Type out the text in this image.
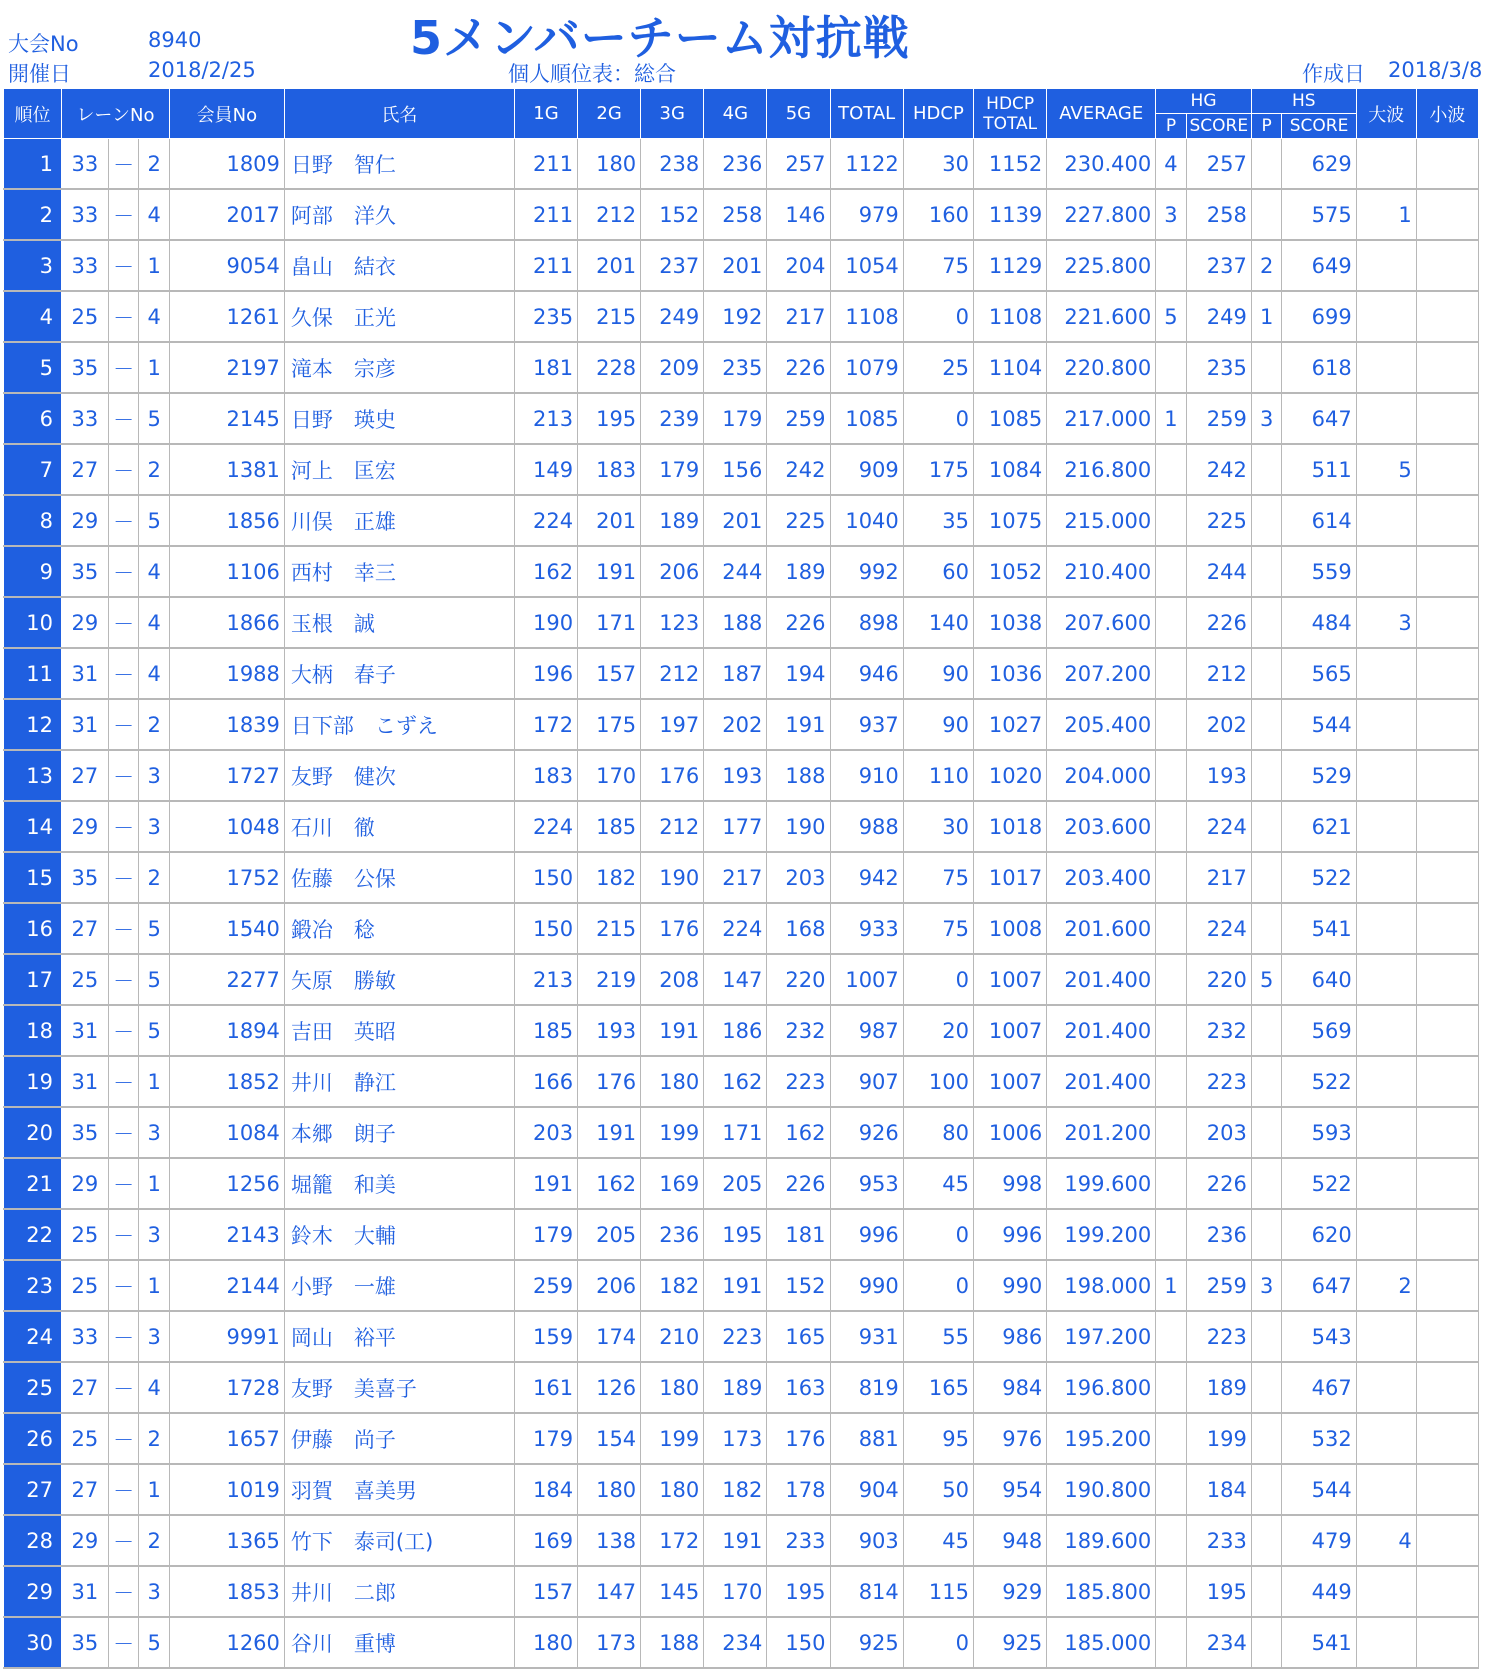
大会No	8940
開催日	2018/2/25
5メンバーチーム対抗戦
個人順位表：総合	作成日 2018/3/8
順位	レーンNo			会員No	氏名	1G	2G	3G	4G	5G	TOTAL	HDCP	HDCP
TOTAL	AVERAGE	HG		HS		大波	小波
															P	SCORE	P	SCORE		
1	33	－	2	1809	日野　智仁	211	180	238	236	257	1122	30	1152	230.400	4	257		629		
2	33	－	4	2017	阿部　洋久	211	212	152	258	146	979	160	1139	227.800	3	258		575	1	
3	33	－	1	9054	畠山　結衣	211	201	237	201	204	1054	75	1129	225.800		237	2	649		
4	25	－	4	1261	久保　正光	235	215	249	192	217	1108	0	1108	221.600	5	249	1	699		
5	35	－	1	2197	滝本　宗彦	181	228	209	235	226	1079	25	1104	220.800		235		618		
6	33	－	5	2145	日野　瑛史	213	195	239	179	259	1085	0	1085	217.000	1	259	3	647		
7	27	－	2	1381	河上　匡宏	149	183	179	156	242	909	175	1084	216.800		242		511	5	
8	29	－	5	1856	川俣　正雄	224	201	189	201	225	1040	35	1075	215.000		225		614		
9	35	－	4	1106	西村　幸三	162	191	206	244	189	992	60	1052	210.400		244		559		
10	29	－	4	1866	玉根　誠	190	171	123	188	226	898	140	1038	207.600		226		484	3	
11	31	－	4	1988	大柄　春子	196	157	212	187	194	946	90	1036	207.200		212		565		
12	31	－	2	1839	日下部　こずえ	172	175	197	202	191	937	90	1027	205.400		202		544		
13	27	－	3	1727	友野　健次	183	170	176	193	188	910	110	1020	204.000		193		529		
14	29	－	3	1048	石川　徹	224	185	212	177	190	988	30	1018	203.600		224		621		
15	35	－	2	1752	佐藤　公保	150	182	190	217	203	942	75	1017	203.400		217		522		
16	27	－	5	1540	鍛冶　稔	150	215	176	224	168	933	75	1008	201.600		224		541		
17	25	－	5	2277	矢原　勝敏	213	219	208	147	220	1007	0	1007	201.400		220	5	640		
18	31	－	5	1894	吉田　英昭	185	193	191	186	232	987	20	1007	201.400		232		569		
19	31	－	1	1852	井川　静江	166	176	180	162	223	907	100	1007	201.400		223		522		
20	35	－	3	1084	本郷　朗子	203	191	199	171	162	926	80	1006	201.200		203		593		
21	29	－	1	1256	堀籠　和美	191	162	169	205	226	953	45	998	199.600		226		522		
22	25	－	3	2143	鈴木　大輔	179	205	236	195	181	996	0	996	199.200		236		620		
23	25	－	1	2144	小野　一雄	259	206	182	191	152	990	0	990	198.000	1	259	3	647	2	
24	33	－	3	9991	岡山　裕平	159	174	210	223	165	931	55	986	197.200		223		543		
25	27	－	4	1728	友野　美喜子	161	126	180	189	163	819	165	984	196.800		189		467		
26	25	－	2	1657	伊藤　尚子	179	154	199	173	176	881	95	976	195.200		199		532		
27	27	－	1	1019	羽賀　喜美男	184	180	180	182	178	904	50	954	190.800		184		544		
28	29	－	2	1365	竹下　泰司(工)	169	138	172	191	233	903	45	948	189.600		233		479	4	
29	31	－	3	1853	井川　二郎	157	147	145	170	195	814	115	929	185.800		195		449		
30	35	－	5	1260	谷川　重博	180	173	188	234	150	925	0	925	185.000		234		541		
